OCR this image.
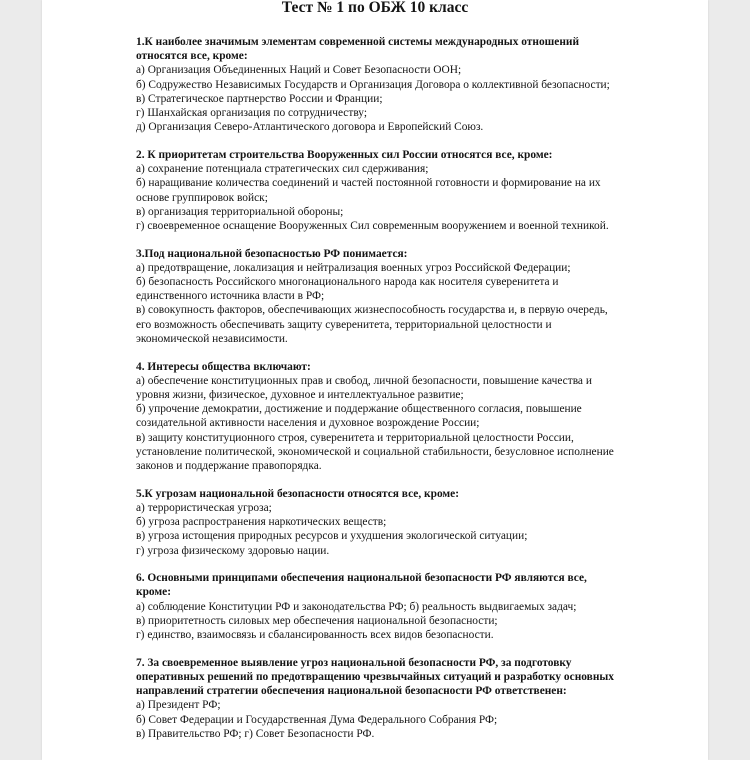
Тест № 1 по ОБЖ 10 класс

1.К наиболее значимым элементам современной системы международных отношений
относятся все, кроме:

а) Организация Объединенных Наций и Совет Безопасности ООН;

б) Содружество Независимых Государств и Организация Договора о коллективной безопасности;

в) Стратегическое партнерство России и Франции;

г) Шанхайская организация по сотрудничеству;

д) Организация Северо-Атлантического договора и Европейский Союз.

2. К приоритетам строительства Вооруженных сил России относятся все, кроме:

а) сохранение потенциала стратегических сил сдерживания;

б) наращивание количества соединений и частей постоянной готовности и формирование на их
основе группировок войск;

в) организация территориальной обороны;

г) своевременное оснащение Вооруженных Сил современным вооружением и военной техникой.

3.Под национальной безопасностью РФ понимается:

а) предотвращение, локализация и нейтрализация военных угроз Российской Федерации;

б) безопасность Российского многонационального народа как носителя суверенитета и
единственного источника власти в РФ;

в) совокупность факторов, обеспечивающих жизнеспособность государства и, в первую очередь,
его возможность обеспечивать защиту суверенитета, территориальной целостности и
экономической независимости.

4. Интересы общества включают:

а) обеспечение конституционных прав и свобод, личной безопасности, повышение качества и
уровня жизни, физическое, духовное и интеллектуальное развитие;

б) упрочение демократии, достижение и поддержание общественного согласия, повышение
созидательной активности населения и духовное возрождение России;

в) защиту конституционного строя, суверенитета и территориальной целостности России,
установление политической, экономической и социальной стабильности, безусловное исполнение
законов и поддержание правопорядка.

5.К угрозам национальной безопасности относятся все, кроме:

а) террористическая угроза;

б) угроза распространения наркотических веществ;

в) угроза истощения природных ресурсов и ухудшения экологической ситуации;

г) угроза физическому здоровью нации.

6. Основными принципами обеспечения национальной безопасности РФ являются все,
кроме:

а) соблюдение Конституции РФ и законодательства РФ; б) реальность выдвигаемых задач;

в) приоритетность силовых мер обеспечения национальной безопасности;

г) единство, взаимосвязь и сбалансированность всех видов безопасности.

7. За своевременное выявление угроз национальной безопасности РФ, за подготовку
оперативных решений по предотвращению чрезвычайных ситуаций и разработку основных
направлений стратегии обеспечения национальной безопасности РФ ответственен:

а) Президент РФ;

б) Совет Федерации и Государственная Дума Федерального Собрания РФ;

в) Правительство РФ; г) Совет Безопасности РФ.
